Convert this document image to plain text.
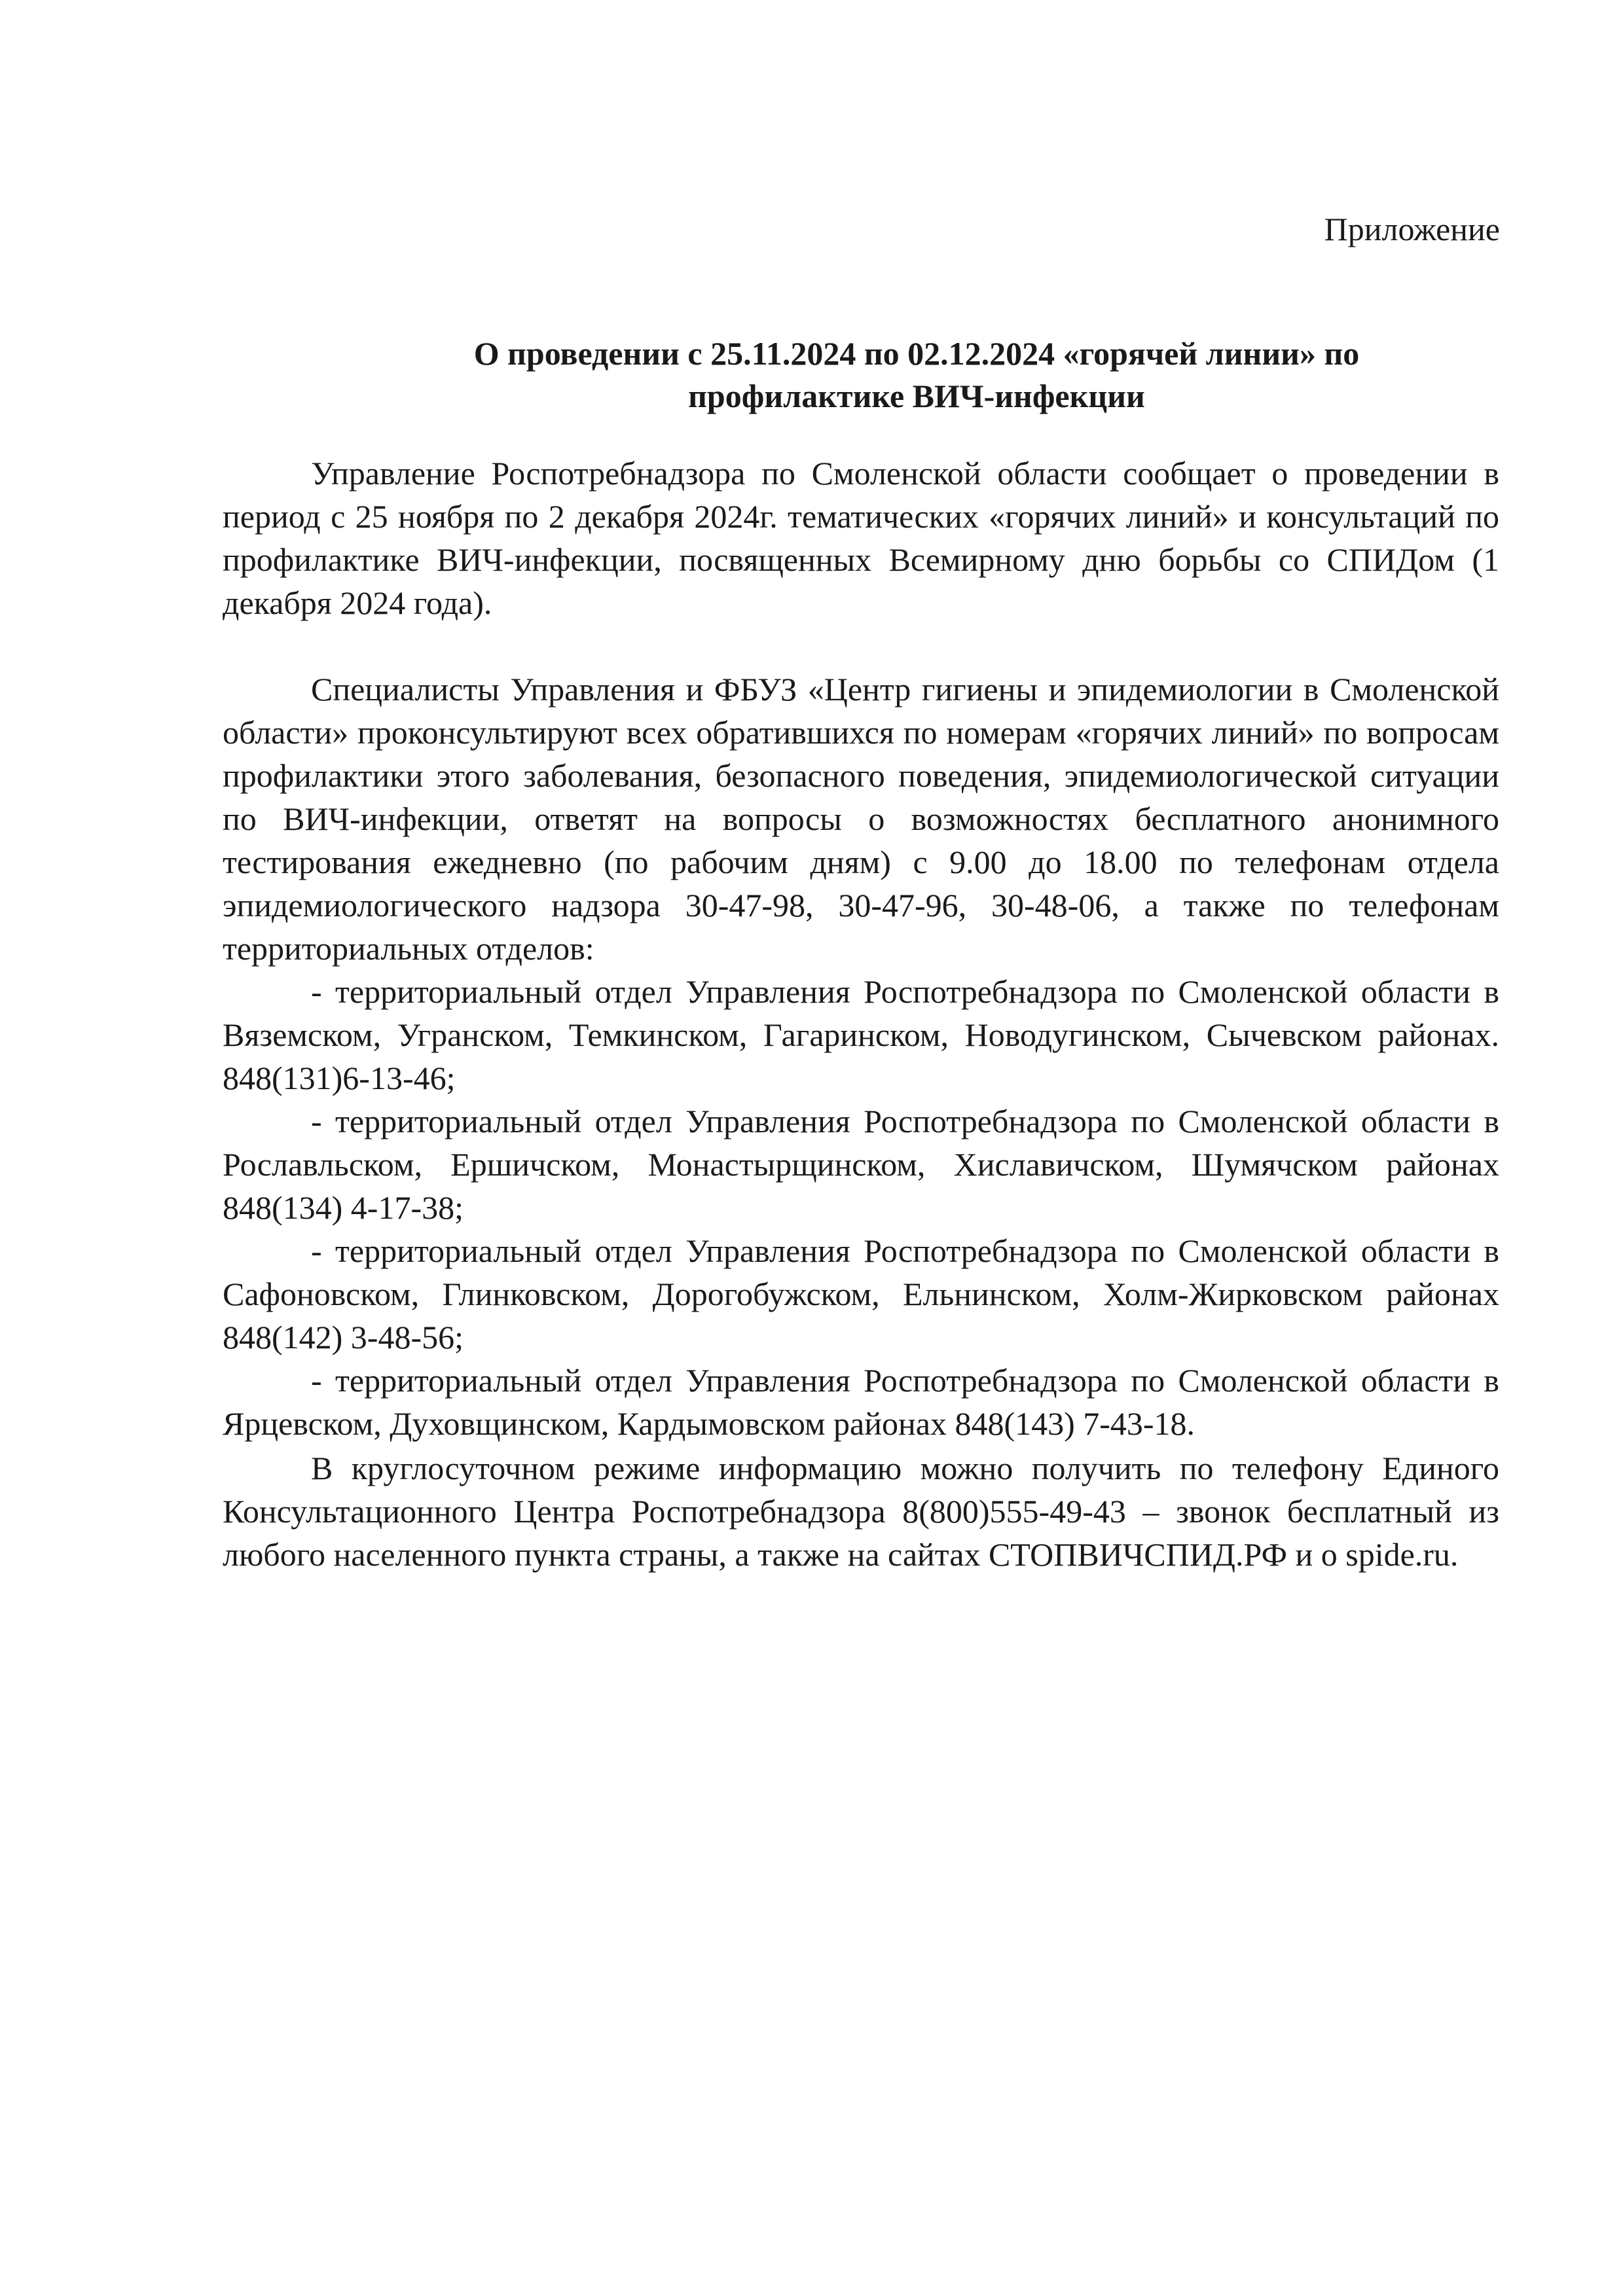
Приложение
О проведении с 25.11.2024 по 02.12.2024 «горячей линии» по
профилактике ВИЧ-инфекции

Управление Роспотребнадзора по Смоленской области сообщает о проведении в период с 25 ноября по 2 декабря 2024г. тематических «горячих линий» и консультаций по профилактике ВИЧ-инфекции, посвященных Всемирному дню борьбы со СПИДом (1 декабря 2024 года).

Специалисты Управления и ФБУЗ «Центр гигиены и эпидемиологии в Смоленской области» проконсультируют всех обратившихся по номерам «горячих линий» по вопросам профилактики этого заболевания, безопасного поведения, эпидемиологической ситуации по ВИЧ-инфекции, ответят на вопросы о возможностях бесплатного анонимного тестирования ежедневно (по рабочим дням) с 9.00 до 18.00 по телефонам отдела эпидемиологического надзора 30-47-98, 30-47-96, 30-48-06, а также по телефонам территориальных отделов:

- территориальный отдел Управления Роспотребнадзора по Смоленской области в Вяземском, Угранском, Темкинском, Гагаринском, Новодугинском, Сычевском районах. 848(131)6-13-46;

- территориальный отдел Управления Роспотребнадзора по Смоленской области в Рославльском, Ершичском, Монастырщинском, Хиславичском, Шумячском районах 848(134) 4-17-38;

- территориальный отдел Управления Роспотребнадзора по Смоленской области в Сафоновском, Глинковском, Дорогобужском, Ельнинском, Холм-Жирковском районах 848(142) 3-48-56;

- территориальный отдел Управления Роспотребнадзора по Смоленской области в Ярцевском, Духовщинском, Кардымовском районах 848(143) 7-43-18.

В круглосуточном режиме информацию можно получить по телефону Единого Консультационного Центра Роспотребнадзора 8(800)555-49-43 – звонок бесплатный из любого населенного пункта страны, а также на сайтах СТОПВИЧСПИД.РФ и o spide.ru.
